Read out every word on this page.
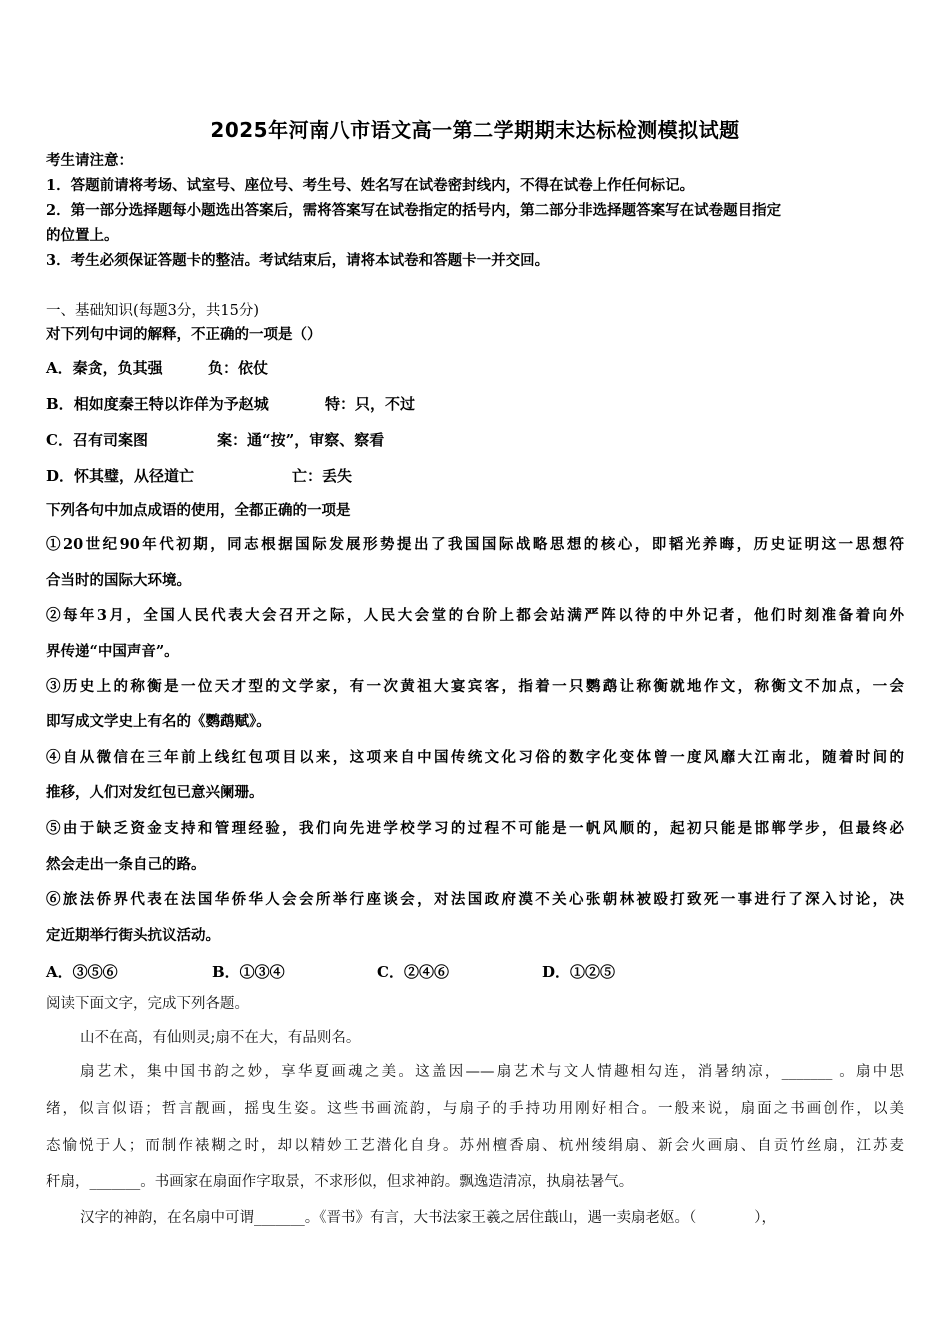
2025年河南八市语文高一第二学期期末达标检测模拟试题
考生请注意：
1．答题前请将考场、试室号、座位号、考生号、姓名写在试卷密封线内，不得在试卷上作任何标记。
2．第一部分选择题每小题选出答案后，需将答案写在试卷指定的括号内，第二部分非选择题答案写在试卷题目指定
的位置上。
3．考生必须保证答题卡的整洁。考试结束后，请将本试卷和答题卡一并交回。
一、基础知识(每题3分，共15分)
对下列句中词的解释，不正确的一项是（）
A．秦贪，负其强	负：依仗
B．相如度秦王特以诈佯为予赵城	特：只，不过
C．召有司案图	案：通“按”，审察、察看
D．怀其璧，从径道亡	亡：丢失
下列各句中加点成语的使用，全都正确的一项是
①20世纪90年代初期，同志根据国际发展形势提出了我国国际战略思想的核心，即韬光养晦，历史证明这一思想符
合当时的国际大环境。
②每年3月，全国人民代表大会召开之际，人民大会堂的台阶上都会站满严阵以待的中外记者，他们时刻准备着向外
界传递“中国声音”。
③历史上的称衡是一位天才型的文学家，有一次黄祖大宴宾客，指着一只鹦鹉让称衡就地作文，称衡文不加点，一会
即写成文学史上有名的《鹦鹉赋》。
④自从微信在三年前上线红包项目以来，这项来自中国传统文化习俗的数字化变体曾一度风靡大江南北，随着时间的
推移，人们对发红包已意兴阑珊。
⑤由于缺乏资金支持和管理经验，我们向先进学校学习的过程不可能是一帆风顺的，起初只能是邯郸学步，但最终必
然会走出一条自己的路。
⑥旅法侨界代表在法国华侨华人会会所举行座谈会，对法国政府漠不关心张朝林被殴打致死一事进行了深入讨论，决
定近期举行街头抗议活动。
A．③⑤⑥	B．①③④	C．②④⑥	D．①②⑤
阅读下面文字，完成下列各题。
山不在高，有仙则灵;扇不在大，有品则名。
扇艺术，集中国书韵之妙，享华夏画魂之美。这盖因——扇艺术与文人情趣相勾连，消暑纳凉，_______ 。扇中思
绪，似言似语；哲言靓画，摇曳生姿。这些书画流韵，与扇子的手持功用刚好相合。一般来说，扇面之书画创作，以美
态愉悦于人；而制作裱糊之时，却以精妙工艺潜化自身。苏州檀香扇、杭州绫绢扇、新会火画扇、自贡竹丝扇，江苏麦
秆扇，_______。书画家在扇面作字取景，不求形似，但求神韵。飘逸造清凉，执扇祛暑气。
汉字的神韵，在名扇中可谓_______。《晋书》有言，大书法家王羲之居住蕺山，遇一卖扇老妪。（　　　　），
